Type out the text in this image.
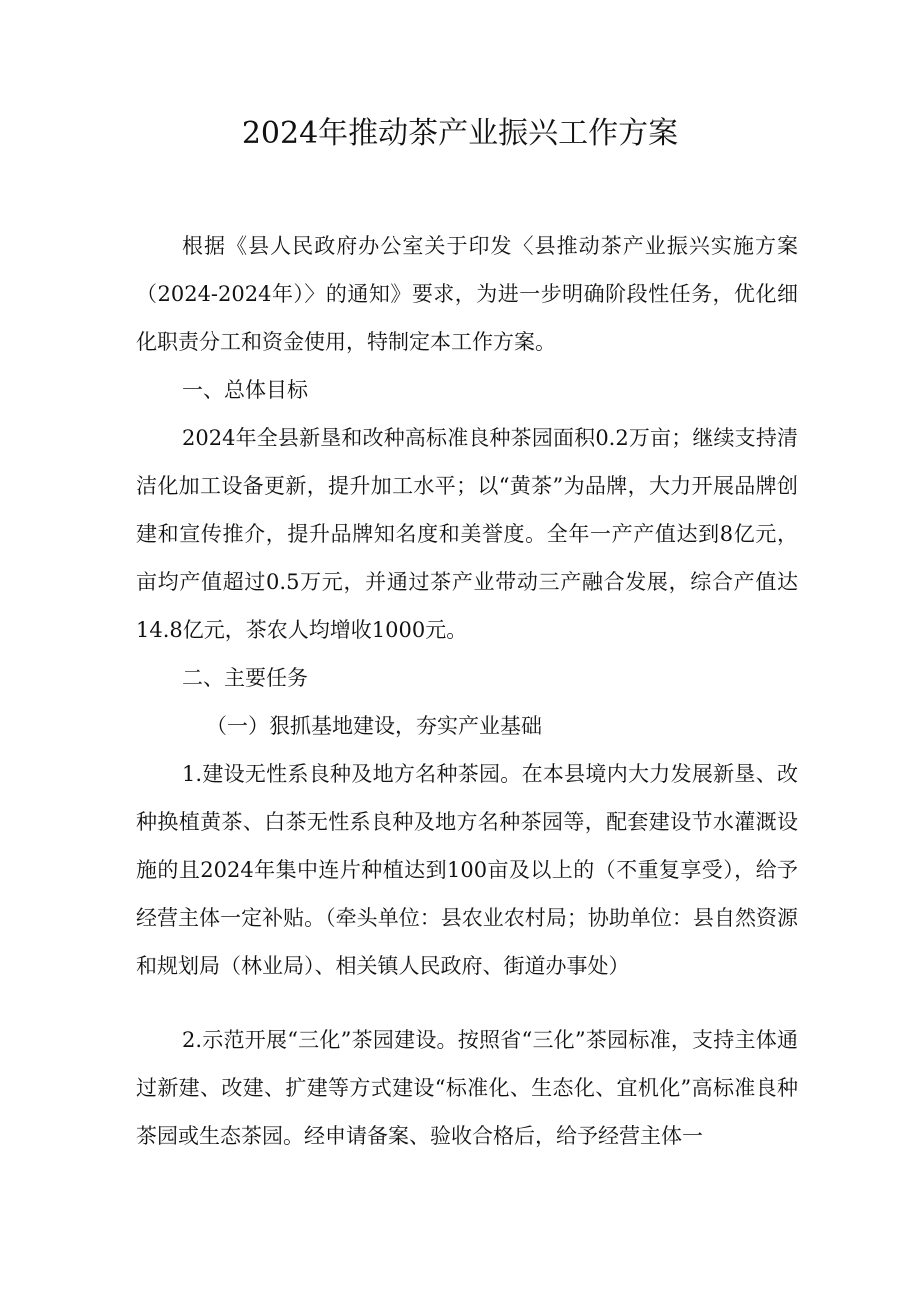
2024年推动茶产业振兴工作方案

根据《县人民政府办公室关于印发〈县推动茶产业振兴实施方案（2024-2024年）〉的通知》要求，为进一步明确阶段性任务，优化细化职责分工和资金使用，特制定本工作方案。

一、总体目标

2024年全县新垦和改种高标准良种茶园面积0.2万亩；继续支持清洁化加工设备更新，提升加工水平；以“黄茶”为品牌，大力开展品牌创建和宣传推介，提升品牌知名度和美誉度。全年一产产值达到8亿元，亩均产值超过0.5万元，并通过茶产业带动三产融合发展，综合产值达14.8亿元，茶农人均增收1000元。

二、主要任务

（一）狠抓基地建设，夯实产业基础

1.建设无性系良种及地方名种茶园。在本县境内大力发展新垦、改种换植黄茶、白茶无性系良种及地方名种茶园等，配套建设节水灌溉设施的且2024年集中连片种植达到100亩及以上的（不重复享受），给予经营主体一定补贴。（牵头单位：县农业农村局；协助单位：县自然资源和规划局（林业局）、相关镇人民政府、街道办事处）

2.示范开展“三化”茶园建设。按照省“三化”茶园标准，支持主体通过新建、改建、扩建等方式建设“标准化、生态化、宜机化”高标准良种茶园或生态茶园。经申请备案、验收合格后，给予经营主体一
